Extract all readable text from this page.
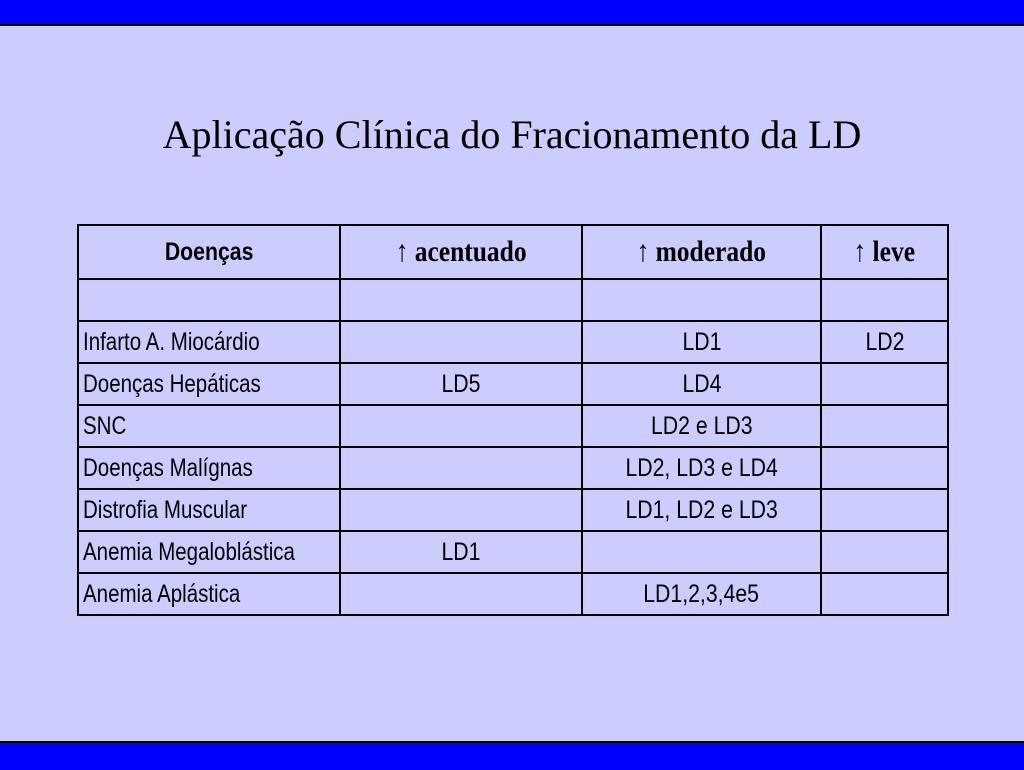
Aplicação Clínica do Fracionamento da LD
Doenças	↑ acentuado	↑ moderado	↑ leve

Infarto A. Miocárdio		LD1	LD2
Doenças Hepáticas	LD5	LD4	
SNC		LD2 e LD3	
Doenças Malígnas		LD2, LD3 e LD4	
Distrofia Muscular		LD1, LD2 e LD3	
Anemia Megaloblástica	LD1		
Anemia Aplástica		LD1,2,3,4e5	
